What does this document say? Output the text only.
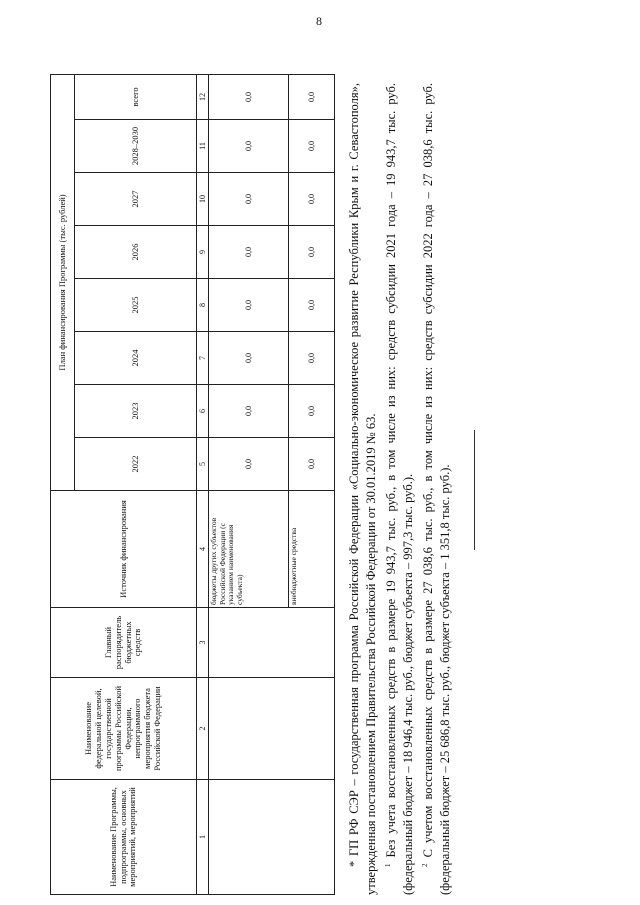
8
Наименование Программы, подпрограммы, основных мероприятий, мероприятий	Наименование федеральной целевой, государственной программы Российской Федерации, непрограммного мероприятия бюджета Российской Федерации	Главный распорядитель бюджетных средств	Источник финансирования	План финансирования Программы (тыс. рублей)							
				2022	2023	2024	2025	2026	2027	2028–2030	всего
1	2	3	4	5	6	7	8	9	10	11	12
			бюджеты других субъектов Российской Федерации (с указанием наименования субъекта)	0,0	0,0	0,0	0,0	0,0	0,0	0,0	0,0
			внебюджетные средства	0,0	0,0	0,0	0,0	0,0	0,0	0,0	0,0 * ГП РФ СЭР – государственная программа Российской Федерации «Социально-экономическое развитие Республики Крым и г. Севастополя», утвержденная постановлением Правительства Российской Федерации от 30.01.2019 № 63. $^1$ Без учета восстановленных средств в размере 19 943,7 тыс. руб., в том числе из них: средств субсидии 2021 года – 19 943,7 тыс. руб. (федеральный бюджет – 18 946,4 тыс. руб., бюджет субъекта – 997,3 тыс. руб.). $^2$ С учетом восстановленных средств в размере 27 038,6 тыс. руб., в том числе из них: средств субсидии 2022 года – 27 038,6 тыс. руб. (федеральный бюджет – 25 686,8 тыс. руб., бюджет субъекта – 1 351,8 тыс. руб.).
